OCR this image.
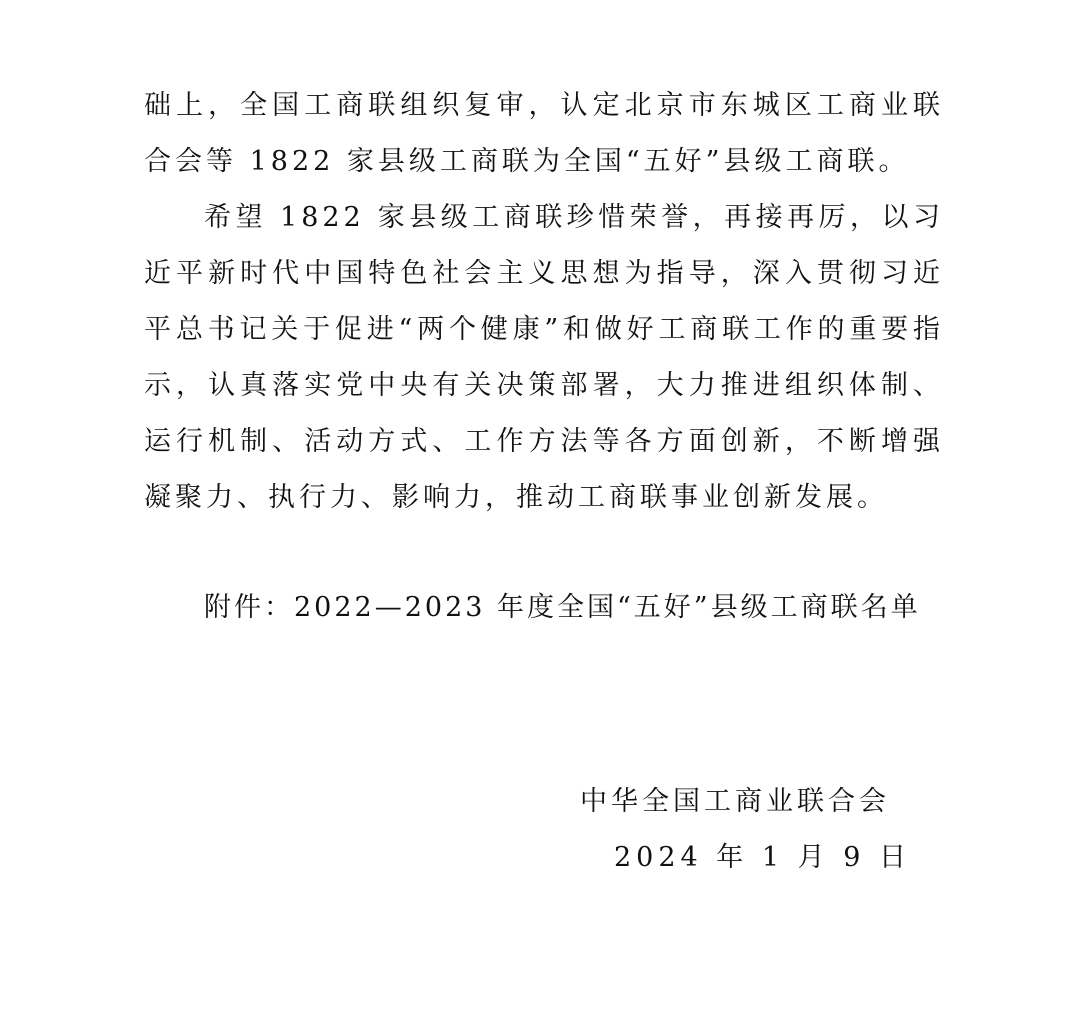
础上，全国工商联组织复审，认定北京市东城区工商业联合会等 1822 家县级工商联为全国“五好”县级工商联。

希望 1822 家县级工商联珍惜荣誉，再接再厉，以习近平新时代中国特色社会主义思想为指导，深入贯彻习近平总书记关于促进“两个健康”和做好工商联工作的重要指示，认真落实党中央有关决策部署，大力推进组织体制、运行机制、活动方式、工作方法等各方面创新，不断增强凝聚力、执行力、影响力，推动工商联事业创新发展。

附件：2022—2023 年度全国“五好”县级工商联名单
中华全国工商业联合会
2024 年 1 月 9 日
